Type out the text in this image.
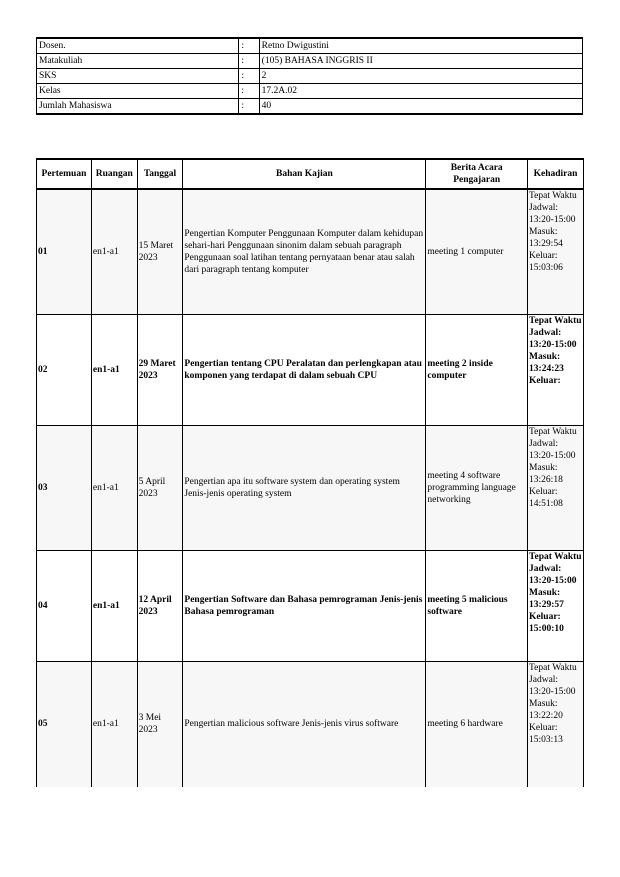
Dosen.	:	Retno Dwigustini
Matakuliah	:	(105) BAHASA INGGRIS II
SKS	:	2
Kelas	:	17.2A.02
Jumlah Mahasiswa	:	40
Pertemuan	Ruangan	Tanggal	Bahan Kajian	Berita Acara Pengajaran	Kehadiran
01	en1-a1	15 Maret 2023	Pengertian Komputer Penggunaan Komputer dalam kehidupan sehari-hari Penggunaan sinonim dalam sebuah paragraph Penggunaan soal latihan tentang pernyataan benar atau salah dari paragraph tentang komputer	meeting 1 computer	Tepat Waktu Jadwal: 13:20-15:00 Masuk: 13:29:54 Keluar: 15:03:06

02	en1-a1	29 Maret 2023	Pengertian tentang CPU Peralatan dan perlengkapan atau komponen yang terdapat di dalam sebuah CPU	meeting 2 inside computer	Tepat Waktu Jadwal: 13:20-15:00 Masuk: 13:24:23 Keluar:

03	en1-a1	5 April 2023	Pengertian apa itu software system dan operating system Jenis-jenis operating system	meeting 4 software programming language networking	Tepat Waktu Jadwal: 13:20-15:00 Masuk: 13:26:18 Keluar: 14:51:08

04	en1-a1	12 April 2023	Pengertian Software dan Bahasa pemrograman Jenis-jenis Bahasa pemrograman	meeting 5 malicious software	Tepat Waktu Jadwal: 13:20-15:00 Masuk: 13:29:57 Keluar: 15:00:10

05	en1-a1	3 Mei 2023	Pengertian malicious software Jenis-jenis virus software	meeting 6 hardware	Tepat Waktu Jadwal: 13:20-15:00 Masuk: 13:22:20 Keluar: 15:03:13
